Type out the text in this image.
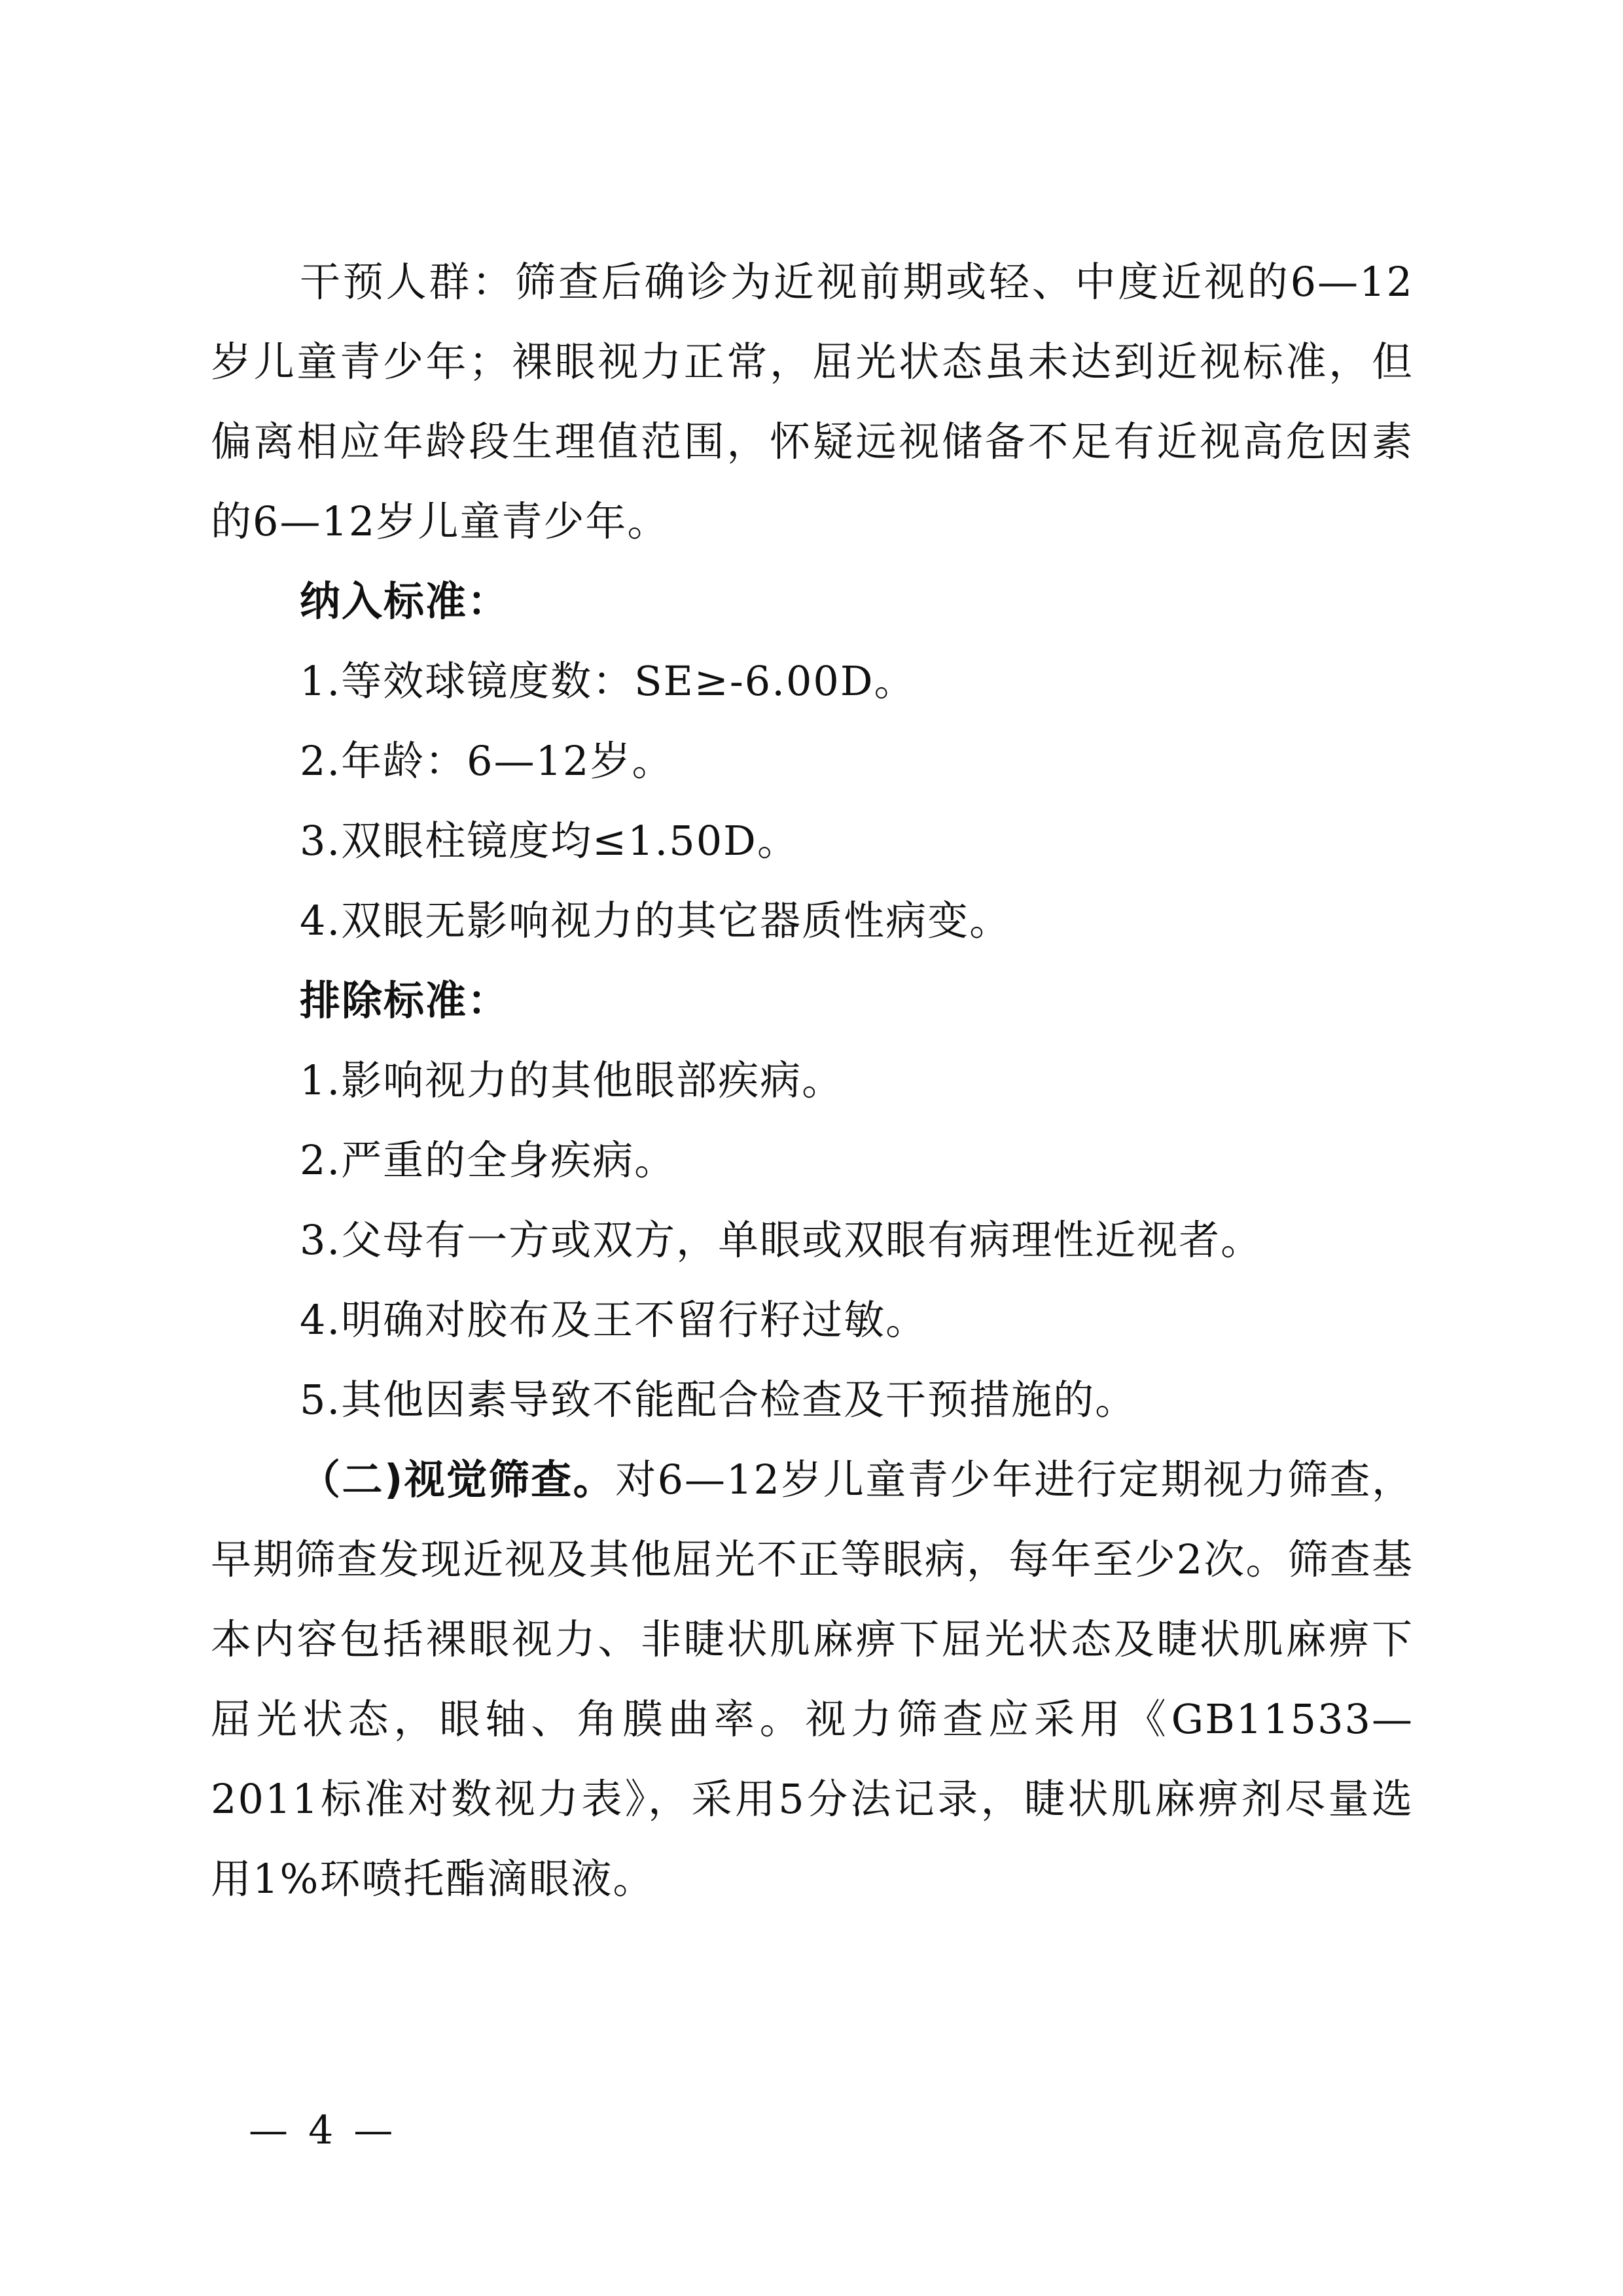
干预人群：筛查后确诊为近视前期或轻、中度近视的6—12岁儿童青少年；裸眼视力正常，屈光状态虽未达到近视标准，但偏离相应年龄段生理值范围，怀疑远视储备不足有近视高危因素的6—12岁儿童青少年。

纳入标准：

1.等效球镜度数：SE≥-6.00D。

2.年龄：6—12岁。

3.双眼柱镜度均≤1.50D。

4.双眼无影响视力的其它器质性病变。

排除标准：

1.影响视力的其他眼部疾病。

2.严重的全身疾病。

3.父母有一方或双方，单眼或双眼有病理性近视者。

4.明确对胶布及王不留行籽过敏。

5.其他因素导致不能配合检查及干预措施的。

（二)视觉筛查。对6—12岁儿童青少年进行定期视力筛查，早期筛查发现近视及其他屈光不正等眼病，每年至少2次。筛查基本内容包括裸眼视力、非睫状肌麻痹下屈光状态及睫状肌麻痹下屈光状态，眼轴、角膜曲率。视力筛查应采用《GB11533—2011标准对数视力表》，采用5分法记录，睫状肌麻痹剂尽量选用1%环喷托酯滴眼液。

— 4 —
